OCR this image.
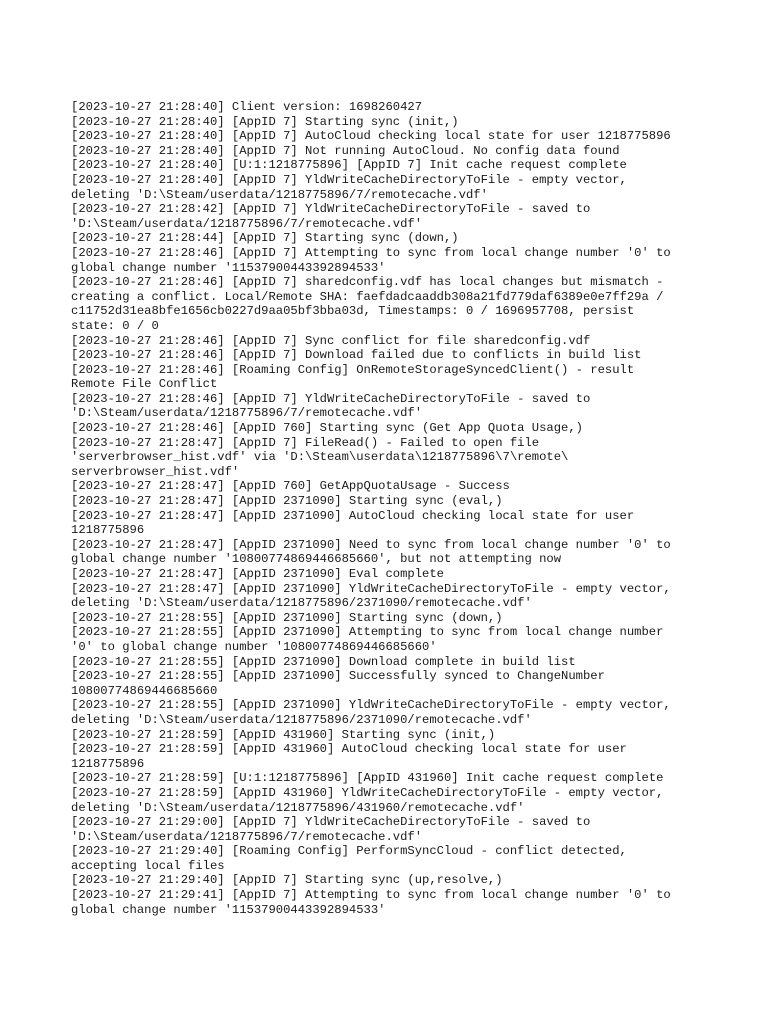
[2023-10-27 21:28:40] Client version: 1698260427
[2023-10-27 21:28:40] [AppID 7] Starting sync (init,)
[2023-10-27 21:28:40] [AppID 7] AutoCloud checking local state for user 1218775896
[2023-10-27 21:28:40] [AppID 7] Not running AutoCloud. No config data found
[2023-10-27 21:28:40] [U:1:1218775896] [AppID 7] Init cache request complete
[2023-10-27 21:28:40] [AppID 7] YldWriteCacheDirectoryToFile - empty vector,
deleting 'D:\Steam/userdata/1218775896/7/remotecache.vdf'
[2023-10-27 21:28:42] [AppID 7] YldWriteCacheDirectoryToFile - saved to
'D:\Steam/userdata/1218775896/7/remotecache.vdf'
[2023-10-27 21:28:44] [AppID 7] Starting sync (down,)
[2023-10-27 21:28:46] [AppID 7] Attempting to sync from local change number '0' to
global change number '11537900443392894533'
[2023-10-27 21:28:46] [AppID 7] sharedconfig.vdf has local changes but mismatch -
creating a conflict. Local/Remote SHA: faefdadcaaddb308a21fd779daf6389e0e7ff29a /
c11752d31ea8bfe1656cb0227d9aa05bf3bba03d, Timestamps: 0 / 1696957708, persist
state: 0 / 0
[2023-10-27 21:28:46] [AppID 7] Sync conflict for file sharedconfig.vdf
[2023-10-27 21:28:46] [AppID 7] Download failed due to conflicts in build list
[2023-10-27 21:28:46] [Roaming Config] OnRemoteStorageSyncedClient() - result
Remote File Conflict
[2023-10-27 21:28:46] [AppID 7] YldWriteCacheDirectoryToFile - saved to
'D:\Steam/userdata/1218775896/7/remotecache.vdf'
[2023-10-27 21:28:46] [AppID 760] Starting sync (Get App Quota Usage,)
[2023-10-27 21:28:47] [AppID 7] FileRead() - Failed to open file
'serverbrowser_hist.vdf' via 'D:\Steam\userdata\1218775896\7\remote\
serverbrowser_hist.vdf'
[2023-10-27 21:28:47] [AppID 760] GetAppQuotaUsage - Success
[2023-10-27 21:28:47] [AppID 2371090] Starting sync (eval,)
[2023-10-27 21:28:47] [AppID 2371090] AutoCloud checking local state for user
1218775896
[2023-10-27 21:28:47] [AppID 2371090] Need to sync from local change number '0' to
global change number '10800774869446685660', but not attempting now
[2023-10-27 21:28:47] [AppID 2371090] Eval complete
[2023-10-27 21:28:47] [AppID 2371090] YldWriteCacheDirectoryToFile - empty vector,
deleting 'D:\Steam/userdata/1218775896/2371090/remotecache.vdf'
[2023-10-27 21:28:55] [AppID 2371090] Starting sync (down,)
[2023-10-27 21:28:55] [AppID 2371090] Attempting to sync from local change number
'0' to global change number '10800774869446685660'
[2023-10-27 21:28:55] [AppID 2371090] Download complete in build list
[2023-10-27 21:28:55] [AppID 2371090] Successfully synced to ChangeNumber
10800774869446685660
[2023-10-27 21:28:55] [AppID 2371090] YldWriteCacheDirectoryToFile - empty vector,
deleting 'D:\Steam/userdata/1218775896/2371090/remotecache.vdf'
[2023-10-27 21:28:59] [AppID 431960] Starting sync (init,)
[2023-10-27 21:28:59] [AppID 431960] AutoCloud checking local state for user
1218775896
[2023-10-27 21:28:59] [U:1:1218775896] [AppID 431960] Init cache request complete
[2023-10-27 21:28:59] [AppID 431960] YldWriteCacheDirectoryToFile - empty vector,
deleting 'D:\Steam/userdata/1218775896/431960/remotecache.vdf'
[2023-10-27 21:29:00] [AppID 7] YldWriteCacheDirectoryToFile - saved to
'D:\Steam/userdata/1218775896/7/remotecache.vdf'
[2023-10-27 21:29:40] [Roaming Config] PerformSyncCloud - conflict detected,
accepting local files
[2023-10-27 21:29:40] [AppID 7] Starting sync (up,resolve,)
[2023-10-27 21:29:41] [AppID 7] Attempting to sync from local change number '0' to
global change number '11537900443392894533'
